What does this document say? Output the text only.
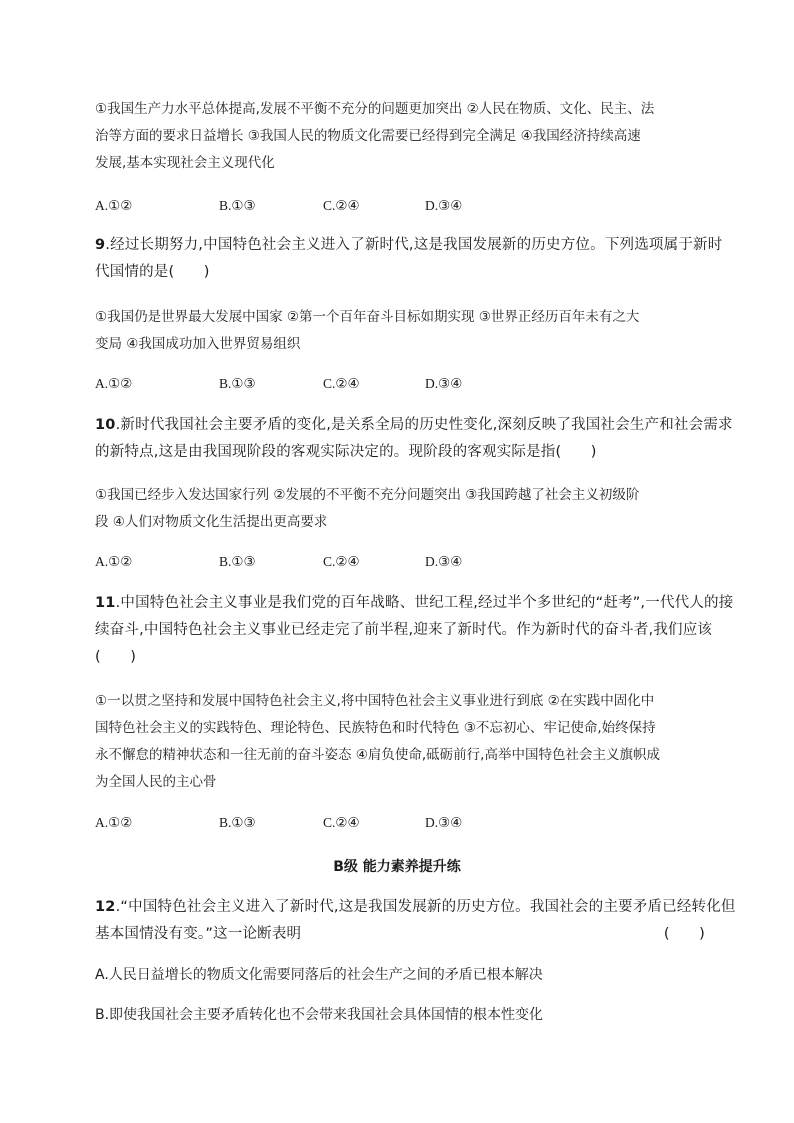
①我国生产力水平总体提高,发展不平衡不充分的问题更加突出 ②人民在物质、文化、民主、法
治等方面的要求日益增长 ③我国人民的物质文化需要已经得到完全满足 ④我国经济持续高速
发展,基本实现社会主义现代化
A.①②	B.①③	C.②④	D.③④
9.经过长期努力,中国特色社会主义进入了新时代,这是我国发展新的历史方位。下列选项属于新时
代国情的是(　　)
①我国仍是世界最大发展中国家 ②第一个百年奋斗目标如期实现 ③世界正经历百年未有之大
变局 ④我国成功加入世界贸易组织
A.①②	B.①③	C.②④	D.③④
10.新时代我国社会主要矛盾的变化,是关系全局的历史性变化,深刻反映了我国社会生产和社会需求
的新特点,这是由我国现阶段的客观实际决定的。现阶段的客观实际是指(　　)
①我国已经步入发达国家行列 ②发展的不平衡不充分问题突出 ③我国跨越了社会主义初级阶
段 ④人们对物质文化生活提出更高要求
A.①②	B.①③	C.②④	D.③④
11.中国特色社会主义事业是我们党的百年战略、世纪工程,经过半个多世纪的“赶考”,一代代人的接
续奋斗,中国特色社会主义事业已经走完了前半程,迎来了新时代。作为新时代的奋斗者,我们应该
(　　)
①一以贯之坚持和发展中国特色社会主义,将中国特色社会主义事业进行到底 ②在实践中固化中
国特色社会主义的实践特色、理论特色、民族特色和时代特色 ③不忘初心、牢记使命,始终保持
永不懈怠的精神状态和一往无前的奋斗姿态 ④肩负使命,砥砺前行,高举中国特色社会主义旗帜成
为全国人民的主心骨
A.①②	B.①③	C.②④	D.③④
B级 能力素养提升练
12.“中国特色社会主义进入了新时代,这是我国发展新的历史方位。我国社会的主要矛盾已经转化但
基本国情没有变。”这一论断表明	(　　)
A.人民日益增长的物质文化需要同落后的社会生产之间的矛盾已根本解决
B.即使我国社会主要矛盾转化也不会带来我国社会具体国情的根本性变化
